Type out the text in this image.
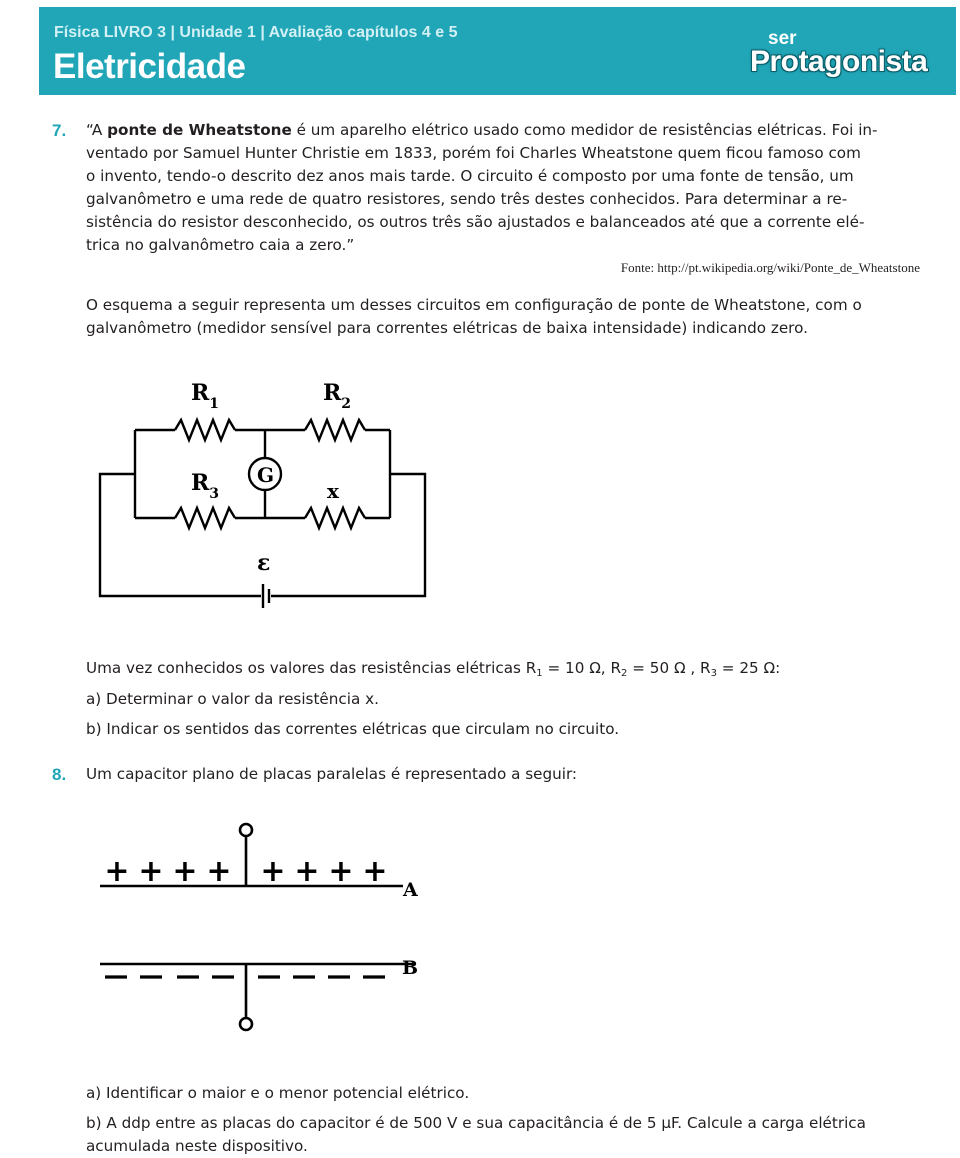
Física LIVRO 3 | Unidade 1 | Avaliação capítulos 4 e 5
Eletricidade
ser
Protagonista
7. “A ponte de Wheatstone é um aparelho elétrico usado como medidor de resistências elétricas. Foi in-
ventado por Samuel Hunter Christie em 1833, porém foi Charles Wheatstone quem ficou famoso com
o invento, tendo-o descrito dez anos mais tarde. O circuito é composto por uma fonte de tensão, um
galvanômetro e uma rede de quatro resistores, sendo três destes conhecidos. Para determinar a re-
sistência do resistor desconhecido, os outros três são ajustados e balanceados até que a corrente elé-
trica no galvanômetro caia a zero.”
Fonte: http://pt.wikipedia.org/wiki/Ponte_de_Wheatstone
O esquema a seguir representa um desses circuitos em configuração de ponte de Wheatstone, com o
galvanômetro (medidor sensível para correntes elétricas de baixa intensidade) indicando zero.
$R_1$	$R_2$
$R_3$	x
G
ε
Uma vez conhecidos os valores das resistências elétricas $R_1 = 10$ Ω, $R_2 = 50$ Ω , $R_3 = 25$ Ω:
a) Determinar o valor da resistência x.
b) Indicar os sentidos das correntes elétricas que circulam no circuito.
8. Um capacitor plano de placas paralelas é representado a seguir:
+ + + + + + + +
A
B
a) Identificar o maior e o menor potencial elétrico.
b) A ddp entre as placas do capacitor é de 500 V e sua capacitância é de 5 µF. Calcule a carga elétrica
acumulada neste dispositivo.
